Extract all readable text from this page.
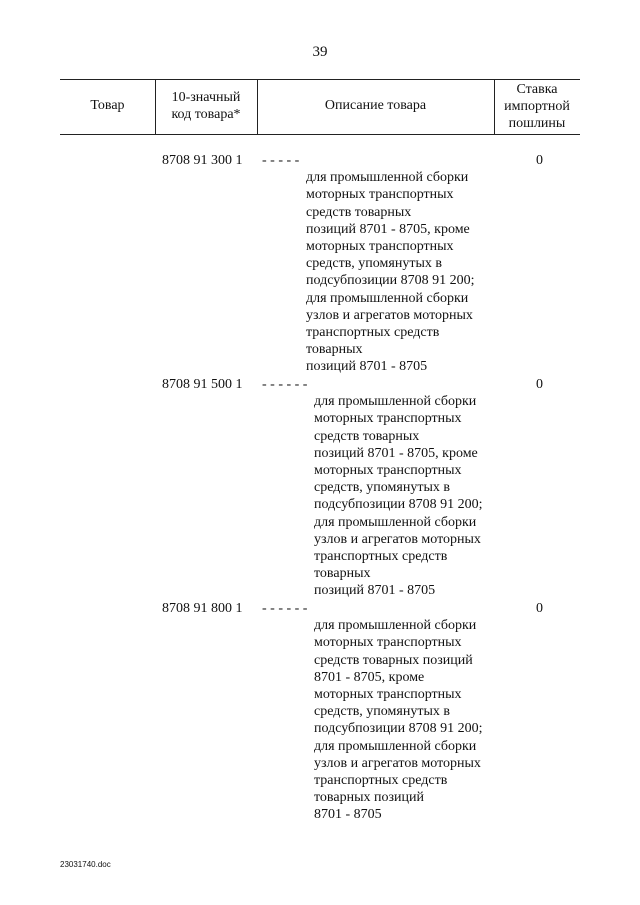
39
Товар
10-значный
код товара*
Описание товара
Ставка
импортной
пошлины
8708 91 300 1 - - - - -

для промышленной сборки
моторных транспортных
средств товарных
позиций 8701 - 8705, кроме
моторных транспортных
средств, упомянутых в
подсубпозиции 8708 91 200;
для промышленной сборки
узлов и агрегатов моторных
транспортных средств
товарных
позиций 8701 - 8705

0
8708 91 500 1 - - - - - -

для промышленной сборки
моторных транспортных
средств товарных
позиций 8701 - 8705, кроме
моторных транспортных
средств, упомянутых в
подсубпозиции 8708 91 200;
для промышленной сборки
узлов и агрегатов моторных
транспортных средств
товарных
позиций 8701 - 8705

0
8708 91 800 1 - - - - - -

для промышленной сборки
моторных транспортных
средств товарных позиций
8701 - 8705, кроме
моторных транспортных
средств, упомянутых в
подсубпозиции 8708 91 200;
для промышленной сборки
узлов и агрегатов моторных
транспортных средств
товарных позиций
8701 - 8705

0
23031740.doc
